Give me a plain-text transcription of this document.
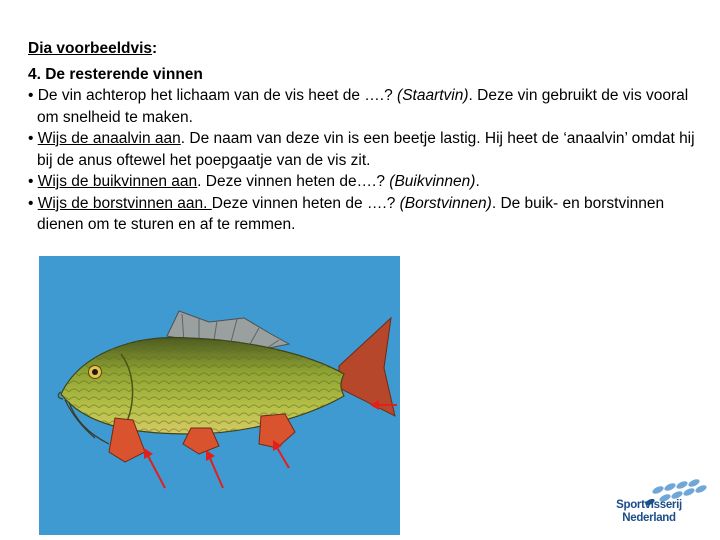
Dia voorbeeldvis:
4. De resterende vinnen
• De vin achterop het lichaam van de vis heet de ….? (Staartvin). Deze vin gebruikt de vis vooral om snelheid te maken.
• Wijs de anaalvin aan. De naam van deze vin is een beetje lastig. Hij heet de ‘anaalvin’ omdat hij bij de anus oftewel het poepgaatje van de vis zit.
• Wijs de buikvinnen aan. Deze vinnen heten de….? (Buikvinnen).
• Wijs de borstvinnen aan. Deze vinnen heten de ….? (Borstvinnen). De buik- en borstvinnen dienen om te sturen en af te remmen.
Sportvisserij
Nederland
